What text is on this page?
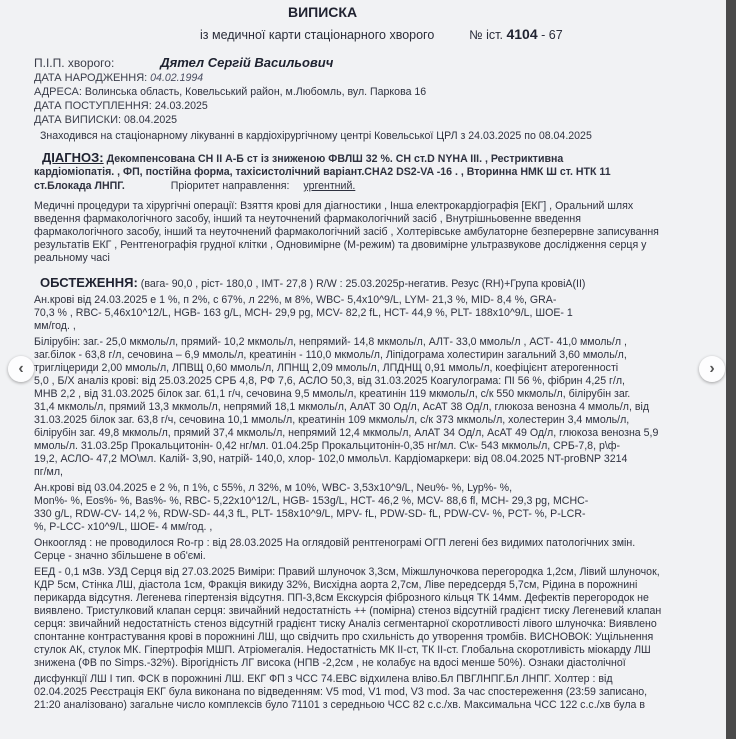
ВИПИСКА
із медичної карти стаціонарного хворого	№ іст. 4104 - 67
П.І.П. хворого:	Дятел Сергій Васильович
ДАТА НАРОДЖЕННЯ: 04.02.1994
АДРЕСА: Волинська область, Ковельський район, м.Любомль, вул. Паркова 16
ДАТА ПОСТУПЛЕННЯ: 24.03.2025
ДАТА ВИПИСКИ: 08.04.2025
Знаходився на стаціонарному лікуванні в кардіохірургічному центрі Ковельської ЦРЛ з 24.03.2025 по 08.04.2025
ДІАГНОЗ: Декомпенсована СН ІІ А-Б ст із зниженою ФВЛШ 32 %. СН ст.D NYHA III. , Рестриктивна
кардіоміопатія. , ФП, постійна форма, тахісистолічний варіант.CHA2 DS2-VA -16 . , Вторинна НМК Ш ст. НТК 11
ст.Блокада ЛНПГ.	Пріоритет направлення: ургентний.
Медичні процедури та хірургічні операції: Взяття крові для діагностики , Інша електрокардіографія [ЕКГ] , Оральний шлях
введення фармакологічного засобу, інший та неуточнений фармакологічний засіб , Внутрішньовенне введення
фармакологічного засобу, інший та неуточнений фармакологічний засіб , Холтерівське амбулаторне безперервне записування
результатів ЕКГ , Рентгенографія грудної клітки , Одновимірне (М-режим) та двовимірне ультразвукове дослідження серця у
реальному часі
ОБСТЕЖЕННЯ: (вага- 90,0 , ріст- 180,0 , ІМТ- 27,8 ) R/W : 25.03.2025р-негатив. Резус (RH)+Група кровіА(ІІ)
Ан.крові від 24.03.2025 е 1 %, п 2%, с 67%, л 22%, м 8%, WBC- 5,4х10^9/L, LYM- 21,3 %, MID- 8,4 %, GRA-
70,3 % , RBC- 5,46х10^12/L, HGB- 163 g/L, MCH- 29,9 pg, MCV- 82,2 fL, HCT- 44,9 %, PLT- 188х10^9/L, ШОЕ- 1
мм/год. ,
Білірубін: заг.- 25,0 мкмоль/л, прямий- 10,2 мкмоль/л, непрямий- 14,8 мкмоль/л, АЛТ- 33,0 ммоль/л , АСТ- 41,0 ммоль/л ,
заг.білок - 63,8 г/л, сечовина – 6,9 ммоль/л, креатинін - 110,0 мкмоль/л, Ліпідограма холестирин загальний 3,60 ммоль/л,
тригліцериди 2,00 ммоль/л, ЛПВЩ 0,60 ммоль/л, ЛПНЩ 2,09 ммоль/л, ЛПДНЩ 0,91 ммоль/л, коефіцієнт атерогенності
5,0 , Б/Х аналіз крові: від 25.03.2025 СРБ 4,8, РФ 7,6, АСЛО 50,3, від 31.03.2025 Коагулограма: ПІ 56 %, фібрин 4,25 г/л,
МНВ 2,2 , від 31.03.2025 білок заг. 61,1 г/ч, сечовина 9,5 ммоль/л, креатинін 119 мкмоль/л, с/к 550 мкмоль/л, білірубін заг.
31,4 мкмоль/л, прямий 13,3 мкмоль/л, непрямий 18,1 мкмоль/л, АлАТ 30 Од/л, АсАТ 38 Од/л, глюкоза венозна 4 ммоль/л, від
31.03.2025 білок заг. 63,8 г/ч, сечовина 10,1 ммоль/л, креатинін 109 мкмоль/л, с/к 373 мкмоль/л, холестерин 3,4 ммоль/л,
білірубін заг. 49,8 мкмоль/л, прямий 37,4 мкмоль/л, непрямий 12,4 мкмоль/л, АлАТ 34 Од/л, АсАТ 49 Од/л, глюкоза венозна 5,9
ммоль/л. 31.03.25р Прокальцитонін- 0,42 нг/мл. 01.04.25р Прокальцитонін-0,35 нг/мл. С\к- 543 мкмоль/л, СРБ-7,8, р\ф-
19,2, АСЛО- 47,2 МО\мл. Калій- 3,90, натрій- 140,0, хлор- 102,0 ммоль\л. Кардіомаркери: від 08.04.2025 NT-proBNP 3214
пг/мл,
Ан.крові від 03.04.2025 е 2 %, п 1%, с 55%, л 32%, м 10%, WBC- 3,53х10^9/L, Neu%- %, Lyp%- %,
Mon%- %, Eos%- %, Bas%- %, RBC- 5,22х10^12/L, HGB- 153g/L, HCT- 46,2 %, MCV- 88,6 fl, MCH- 29,3 pg, MCHC-
330 g/L, RDW-CV- 14,2 %, RDW-SD- 44,3 fL, PLT- 158х10^9/L, MPV- fL, PDW-SD- fL, PDW-CV- %, PCT- %, P-LCR-
%, P-LCC- х10^9/L, ШОЕ- 4 мм/год. ,
Онкоогляд : не проводилося Ro-гр : від 28.03.2025 На оглядовій рентгенограмі ОГП легені без видимих патологічних змін.
Серце - значно збільшене в об'ємі.
ЕЕД - 0,1 мЗв. УЗД Серця від 27.03.2025 Виміри: Правий шлуночок 3,3см, Міжшлуночкова перегородка 1,2см, Лівий шлуночок,
КДР 5см, Стінка ЛШ, діастола 1см, Фракція викиду 32%, Висхідна аорта 2,7см, Ліве передсердя 5,7см, Рідина в порожнині
перикарда відсутня. Легенева гіпертензія відсутня. ПП-3,8см Екскурсія фіброзного кільця ТК 14мм. Дефектів перегородок не
виявлено. Тристулковий клапан серця: звичайний недостатність ++ (помірна) стеноз відсутній градієнт тиску Легеневий клапан
серця: звичайний недостатність стеноз відсутній градієнт тиску Аналіз сегментарної скоротливості лівого шлуночка: Виявлено
спонтанне контрастування крові в порожнині ЛШ, що свідчить про схильність до утворення тромбів. ВИСНОВОК: Ущільнення
стулок АК, стулок МК. Гіпертрофія МШП. Атріомегалія. Недостатність МК ІІ-ст, ТК ІІ-ст. Глобальна скоротливість міокарду ЛШ
знижена (ФВ по Simps.-32%). Вірогідність ЛГ висока (НПВ -2,2см , не колабує на вдосі менше 50%). Ознаки діастолічної
дисфункції ЛШ І тип. ФСК в порожнині ЛШ. ЕКГ ФП з ЧСС 74.ЕВС відхилена вліво.Бл ПВГЛНПГ.Бл ЛНПГ. Холтер : від
02.04.2025 Реєстрація ЕКГ була виконана по відведенням: V5 mod, V1 mod, V3 mod. За час спостереження (23:59 записано,
21:20 аналізовано) загальне число комплексів було 71101 з середньою ЧСС 82 с.с./хв. Максимальна ЧСС 122 с.с./хв була в
‹	›
